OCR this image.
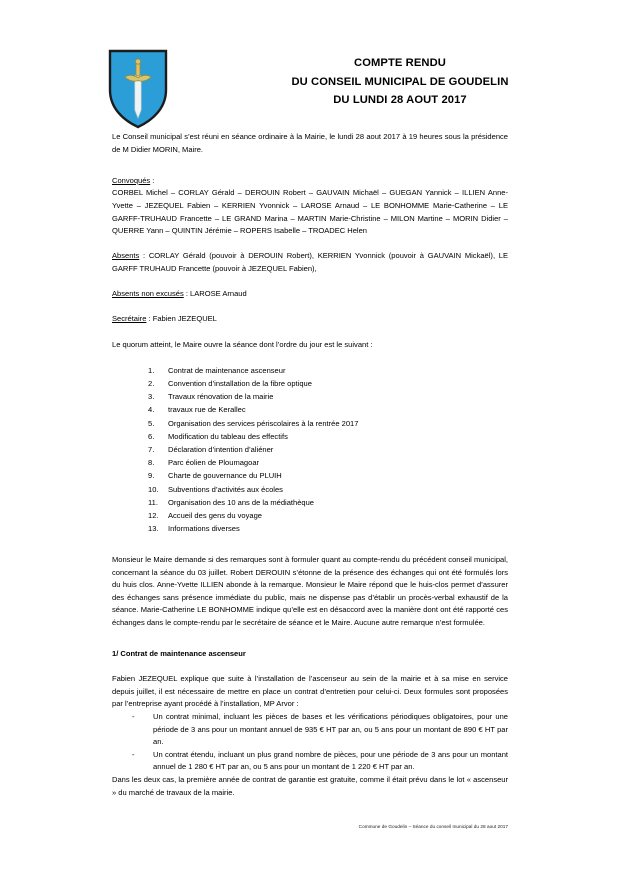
COMPTE RENDU
DU CONSEIL MUNICIPAL DE GOUDELIN
DU LUNDI 28 AOUT 2017

Le Conseil municipal s’est réuni en séance ordinaire à la Mairie, le lundi 28 aout 2017 à 19 heures sous la présidence de M Didier MORIN, Maire.

Convoqués :

CORBEL Michel – CORLAY Gérald – DEROUIN Robert – GAUVAIN Michaël – GUEGAN Yannick – ILLIEN Anne-Yvette – JEZEQUEL Fabien – KERRIEN Yvonnick – LAROSE Arnaud – LE BONHOMME Marie-Catherine – LE GARFF-TRUHAUD Francette – LE GRAND Marina – MARTIN Marie-Christine – MILON Martine – MORIN Didier – QUERRE Yann – QUINTIN Jérémie – ROPERS Isabelle – TROADEC Helen

Absents : CORLAY Gérald (pouvoir à DEROUIN Robert), KERRIEN Yvonnick (pouvoir à GAUVAIN Mickaël), LE GARFF TRUHAUD Francette (pouvoir à JEZEQUEL Fabien),

Absents non excusés : LAROSE Arnaud

Secrétaire : Fabien JEZEQUEL

Le quorum atteint, le Maire ouvre la séance dont l’ordre du jour est le suivant :

1.	Contrat de maintenance ascenseur
2.	Convention d’installation de la fibre optique
3.	Travaux rénovation de la mairie
4.	travaux rue de Kerallec
5.	Organisation des services périscolaires à la rentrée 2017
6.	Modification du tableau des effectifs
7.	Déclaration d’intention d’aliéner
8.	Parc éolien de Ploumagoar
9.	Charte de gouvernance du PLUIH
10.	Subventions d’activités aux écoles
11.	Organisation des 10 ans de la médiathèque
12.	Accueil des gens du voyage
13.	Informations diverses

Monsieur le Maire demande si des remarques sont à formuler quant au compte-rendu du précédent conseil municipal, concernant la séance du 03 juillet. Robert DEROUIN s’étonne de la présence des échanges qui ont été formulés lors du huis clos. Anne-Yvette ILLIEN abonde à la remarque. Monsieur le Maire répond que le huis-clos permet d’assurer des échanges sans présence immédiate du public, mais ne dispense pas d’établir un procès-verbal exhaustif de la séance. Marie-Catherine LE BONHOMME indique qu’elle est en désaccord avec la manière dont ont été rapporté ces échanges dans le compte-rendu par le secrétaire de séance et le Maire. Aucune autre remarque n’est formulée.

1/ Contrat de maintenance ascenseur

Fabien JEZEQUEL explique que suite à l’installation de l’ascenseur au sein de la mairie et à sa mise en service depuis juillet, il est nécessaire de mettre en place un contrat d’entretien pour celui-ci. Deux formules sont proposées par l’entreprise ayant procédé à l’installation, MP Arvor :

-	Un contrat minimal, incluant les pièces de bases et les vérifications périodiques obligatoires, pour une période de 3 ans pour un montant annuel de 935 € HT par an, ou 5 ans pour un montant de 890 € HT par an.
-	Un contrat étendu, incluant un plus grand nombre de pièces, pour une période de 3 ans pour un montant annuel de 1 280 € HT par an, ou 5 ans pour un montant de 1 220 € HT par an.

Dans les deux cas, la première année de contrat de garantie est gratuite, comme il était prévu dans le lot « ascenseur » du marché de travaux de la mairie.

Commune de Goudelin – Séance du conseil municipal du 28 aout 2017
